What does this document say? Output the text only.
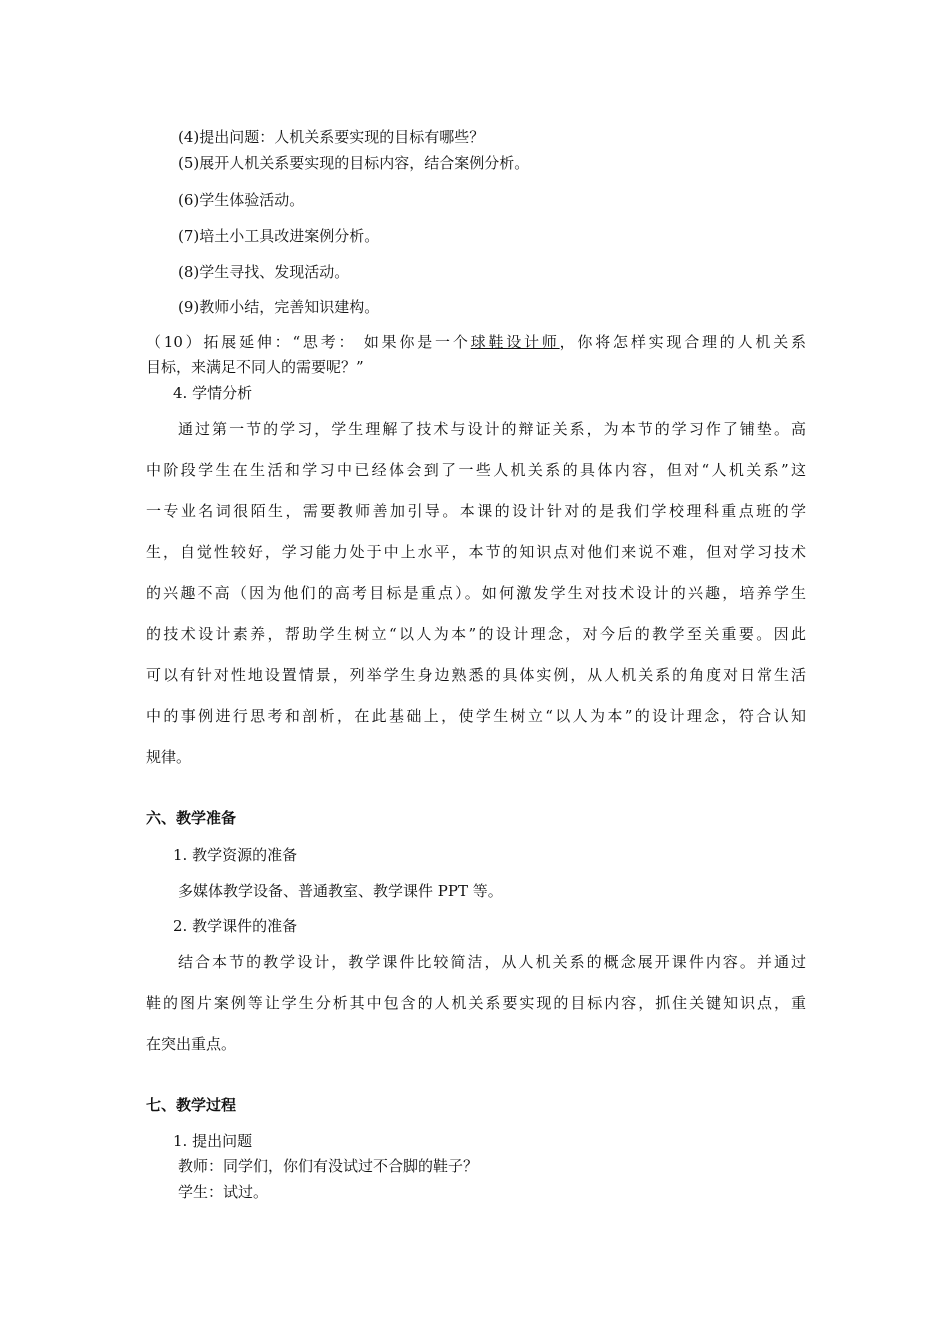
(4)提出问题：人机关系要实现的目标有哪些？
(5)展开人机关系要实现的目标内容，结合案例分析。
(6)学生体验活动。
(7)培土小工具改进案例分析。
(8)学生寻找、发现活动。
(9)教师小结，完善知识建构。
（10）拓展延伸：“思考： 如果你是一个球鞋设计师，你将怎样实现合理的人机关系
目标，来满足不同人的需要呢？”
4. 学情分析
通过第一节的学习，学生理解了技术与设计的辩证关系，为本节的学习作了铺垫。高
中阶段学生在生活和学习中已经体会到了一些人机关系的具体内容，但对“人机关系”这
一专业名词很陌生，需要教师善加引导。本课的设计针对的是我们学校理科重点班的学
生，自觉性较好，学习能力处于中上水平，本节的知识点对他们来说不难，但对学习技术
的兴趣不高（因为他们的高考目标是重点）。如何激发学生对技术设计的兴趣，培养学生
的技术设计素养，帮助学生树立“以人为本”的设计理念，对今后的教学至关重要。因此
可以有针对性地设置情景，列举学生身边熟悉的具体实例，从人机关系的角度对日常生活
中的事例进行思考和剖析，在此基础上，使学生树立“以人为本”的设计理念，符合认知
规律。
六、教学准备
1. 教学资源的准备
多媒体教学设备、普通教室、教学课件 PPT 等。
2. 教学课件的准备
结合本节的教学设计，教学课件比较简洁，从人机关系的概念展开课件内容。并通过
鞋的图片案例等让学生分析其中包含的人机关系要实现的目标内容，抓住关键知识点，重
在突出重点。
七、教学过程
1. 提出问题
教师：同学们，你们有没试过不合脚的鞋子？
学生：试过。
